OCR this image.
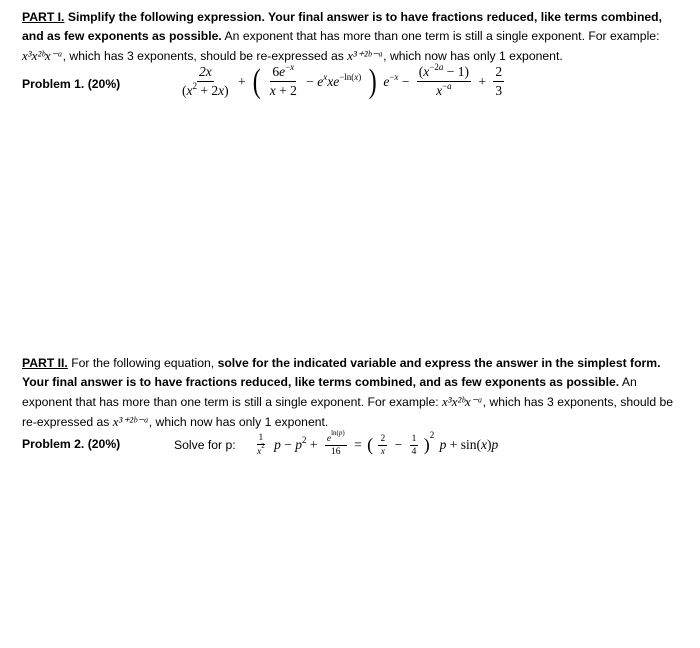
PART I. Simplify the following expression. Your final answer is to have fractions reduced, like terms combined, and as few exponents as possible. An exponent that has more than one term is still a single exponent. For example: x³x²ᵇx⁻ᵃ, which has 3 exponents, should be re-expressed as x³⁺²ᵇ⁻ᵃ, which now has only 1 exponent.
Problem 1. (20%)	$\frac{2x}{(x^2 + 2x)}$ + ( $\frac{6e^{-x}}{x + 2} - e^xxe^{-ln(x)}$ ) $e^{-x} - \frac{(x^{-2a} - 1)}{x^{-a}} + \frac{2}{3}$
PART II. For the following equation, solve for the indicated variable and express the answer in the simplest form. Your final answer is to have fractions reduced, like terms combined, and as few exponents as possible. An exponent that has more than one term is still a single exponent. For example: x³x²ᵇx⁻ᵃ, which has 3 exponents, should be re-expressed as x³⁺²ᵇ⁻ᵃ, which now has only 1 exponent.
Problem 2. (20%)	Solve for p: $\frac{1}{x^2}$ $p - p^2 + \frac{e^{ln(p)}}{16}$ = ( $\frac{2}{x} - \frac{1}{4} )^2$ p + sin(x)p
